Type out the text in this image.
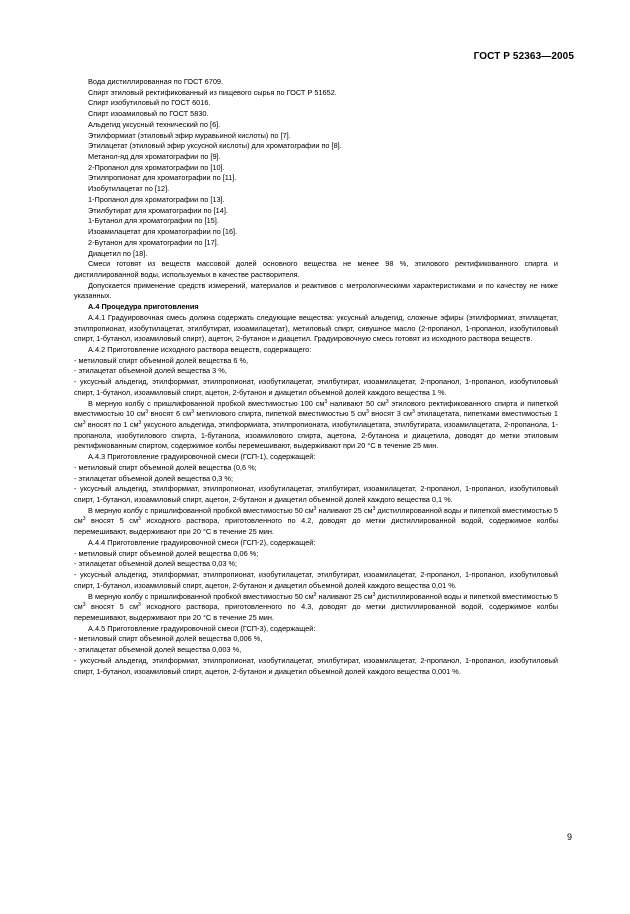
ГОСТ Р 52363—2005
Вода дистиллированная по ГОСТ 6709.
Спирт этиловый ректификованный из пищевого сырья по ГОСТ Р 51652.
Спирт изобутиловый по ГОСТ 6016.
Спирт изоамиловый по ГОСТ 5830.
Альдегид уксусный технический по [6].
Этилформиат (этиловый эфир муравьиной кислоты) по [7].
Этилацетат (этиловый эфир уксусной кислоты) для хроматографии по [8].
Метанол-яд для хроматографии по [9].
2-Пропанол для хроматографии по [10].
Этилпропионат для хроматографии по [11].
Изобутилацетат по [12].
1-Пропанол для хроматографии по [13].
Этилбутират для хроматографии по [14].
1-Бутанол для хроматографии по [15].
Изоамилацетат для хроматографии по [16].
2-Бутанон для хроматографии по [17].
Диацетил по [18].
Смеси готовят из веществ массовой долей основного вещества не менее 98 %, этилового ректификованного спирта и дистиллированной воды, используемых в качестве растворителя.
Допускается применение средств измерений, материалов и реактивов с метрологическими характеристиками и по качеству не ниже указанных.
А.4 Процедура приготовления
А.4.1 Градуировочная смесь должна содержать следующие вещества: уксусный альдегид, сложные эфиры (этилформиат, этилацетат, этилпропионат, изобутилацетат, этилбутират, изоамилацетат), метиловый спирт, сивушное масло (2-пропанол, 1-пропанол, изобутиловый спирт, 1-бутанол, изоамиловый спирт), ацетон, 2-бутанон и диацетил. Градуировочную смесь готовят из исходного раствора веществ.
А.4.2 Приготовление исходного раствора веществ, содержащего:
- метиловый спирт объемной долей вещества 6 %,
- этилацетат объемной долей вещества 3 %,
- уксусный альдегид, этилформиат, этилпропионат, изобутилацетат, этилбутират, изоамилацетат, 2-пропанол, 1-пропанол, изобутиловый спирт, 1-бутанол, изоамиловый спирт, ацетон, 2-бутанон и диацетил объемной долей каждого вещества 1 %.
В мерную колбу с пришлифованной пробкой вместимостью 100 $см^3$ наливают 50 $см^3$ этилового ректификованного спирта и пипеткой вместимостью 10 $см^3$ вносят 6 $см^3$ метилового спирта, пипеткой вместимостью 5 $см^3$ вносят 3 $см^3$ этилацетата, пипетками вместимостью 1 $см^3$ вносят по 1 $см^3$ уксусного альдегида, этилформиата, этилпропионата, изобутилацетата, этилбутирата, изоамилацетата, 2-пропанола, 1-пропанола, изобутилового спирта, 1-бутанола, изоамилового спирта, ацетона, 2-бутанона и диацетила, доводят до метки этиловым ректификованным спиртом, содержимое колбы перемешивают, выдерживают при 20 °С в течение 25 мин.
А.4.3 Приготовление градуировочной смеси (ГСП-1), содержащей:
- метиловый спирт объемной долей вещества (0,6 %;
- этилацетат объемной долей вещества 0,3 %;
- уксусный альдегид, этилформиат, этилпропионат, изобутилацетат, этилбутират, изоамилацетат, 2-пропанол, 1-пропанол, изобутиловый спирт, 1-бутанол, изоамиловый спирт, ацетон, 2-бутанон и диацетил объемной долей каждого вещества 0,1 %.
В мерную колбу с пришлифованной пробкой вместимостью 50 $см^3$ наливают 25 $см^3$ дистиллированной воды и пипеткой вместимостью 5 $см^3$ вносят 5 $см^3$ исходного раствора, приготовленного по 4.2, доводят до метки дистиллированной водой, содержимое колбы перемешивают, выдерживают при 20 °С в течение 25 мин.
А.4.4 Приготовление градуировочной смеси (ГСП-2), содержащей:
- метиловый спирт объемной долей вещества 0,06 %;
- этилацетат объемной долей вещества 0,03 %;
- уксусный альдегид, этилформиат, этилпропионат, изобутилацетат, этилбутират, изоамилацетат, 2-пропанол, 1-пропанол, изобутиловый спирт, 1-бутанол, изоамиловый спирт, ацетон, 2-бутанон и диацетил объемной долей каждого вещества 0,01 %.
В мерную колбу с пришлифованной пробкой вместимостью 50 $см^3$ наливают 25 $см^3$ дистиллированной воды и пипеткой вместимостью 5 $см^3$ вносят 5 $см^3$ исходного раствора, приготовленного по 4.3, доводят до метки дистиллированной водой, содержимое колбы перемешивают, выдерживают при 20 °С в течение 25 мин.
А.4.5 Приготовление градуировочной смеси (ГСП-3), содержащей:
- метиловый спирт объемной долей вещества 0,006 %,
- этилацетат объемной долей вещества 0,003 %,
- уксусный альдегид, этилформиат, этилпропионат, изобутилацетат, этилбутират, изоамилацетат, 2-пропанол, 1-пропанол, изобутиловый спирт, 1-бутанол, изоамиловый спирт, ацетон, 2-бутанон и диацетил объемной долей каждого вещества 0,001 %.
9
